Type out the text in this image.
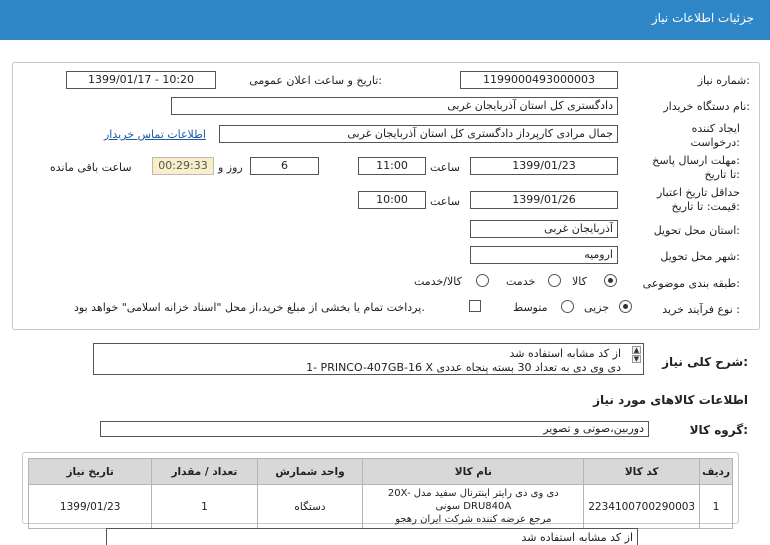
جزئیات اطلاعات نیاز
شماره نیاز:
1199000493000003
تاریخ و ساعت اعلان عمومی:
1399/01/17 - 10:20
نام دستگاه خریدار:
دادگستری کل استان آذربایجان غربی
ایجاد کننده
درخواست:
جمال مرادی کارپرداز دادگستری کل استان آذربایجان غربی
اطلاعات تماس خریدار
مهلت ارسال پاسخ:
تا تاریخ:
1399/01/23
ساعت
11:00
6
روز و
00:29:33
ساعت باقی مانده
حداقل تاریخ اعتبار
قیمت: تا تاریخ:
1399/01/26
ساعت
10:00
استان محل تحویل:
آذربایجان غربی
شهر محل تحویل:
ارومیه
طبقه بندی موضوعی:
کالا
خدمت
کالا/خدمت
نوع فرآیند خرید :
جزیی
متوسط
پرداخت تمام یا بخشی از مبلغ خرید،از محل "اسناد خزانه اسلامی" خواهد بود.
شرح کلی نیاز:
از کد مشابه استفاده شد
1- PRINCO-407GB-16 X دی وی دی به تعداد 30 بسته پنجاه عددی
▲
▼
اطلاعات کالاهای مورد نیاز
گروه کالا:
دوربین،صوتی و تصویر
ردیف	کد کالا	نام کالا	واحد شمارش	تعداد / مقدار	تاریخ نیاز
1	2234100700290003	دی وی دی رایتر اینترنال سفید مدل 20X-DRU840A سونی
مرجع عرضه کننده شرکت ایران رهجو	دستگاه	1	1399/01/23
از کد مشابه استفاده شد
